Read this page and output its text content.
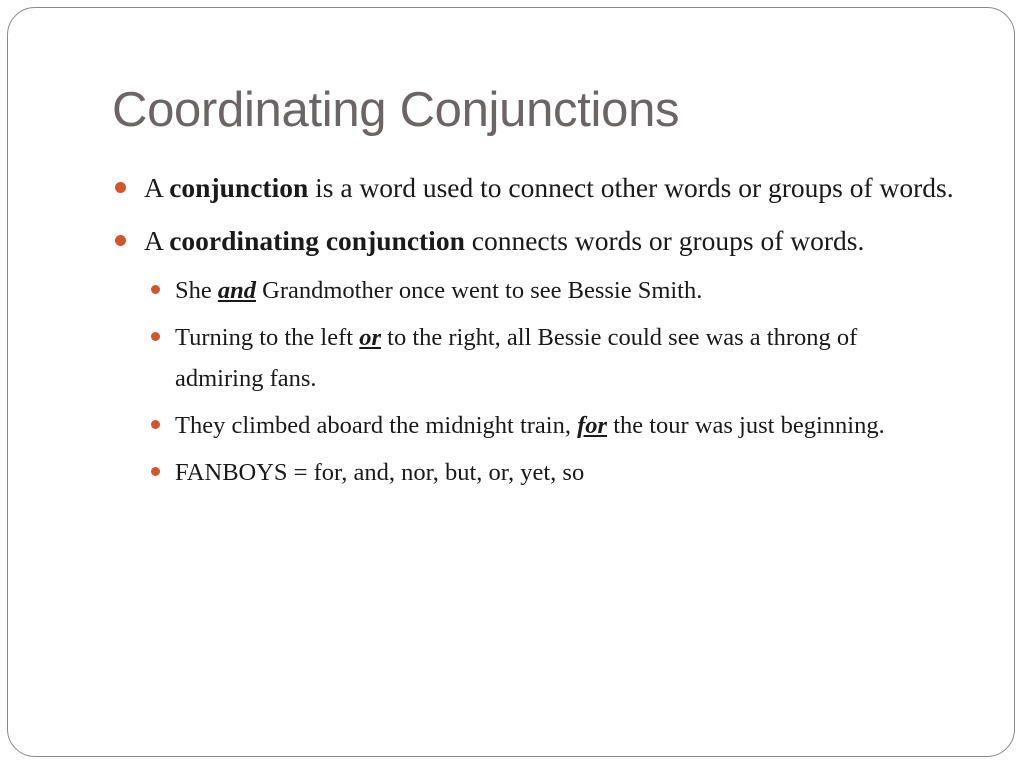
Coordinating Conjunctions

A conjunction is a word used to connect other words or groups of words.

A coordinating conjunction connects words or groups of words.

She and Grandmother once went to see Bessie Smith.

Turning to the left or to the right, all Bessie could see was a throng of admiring fans.

They climbed aboard the midnight train, for the tour was just beginning.

FANBOYS = for, and, nor, but, or, yet, so
